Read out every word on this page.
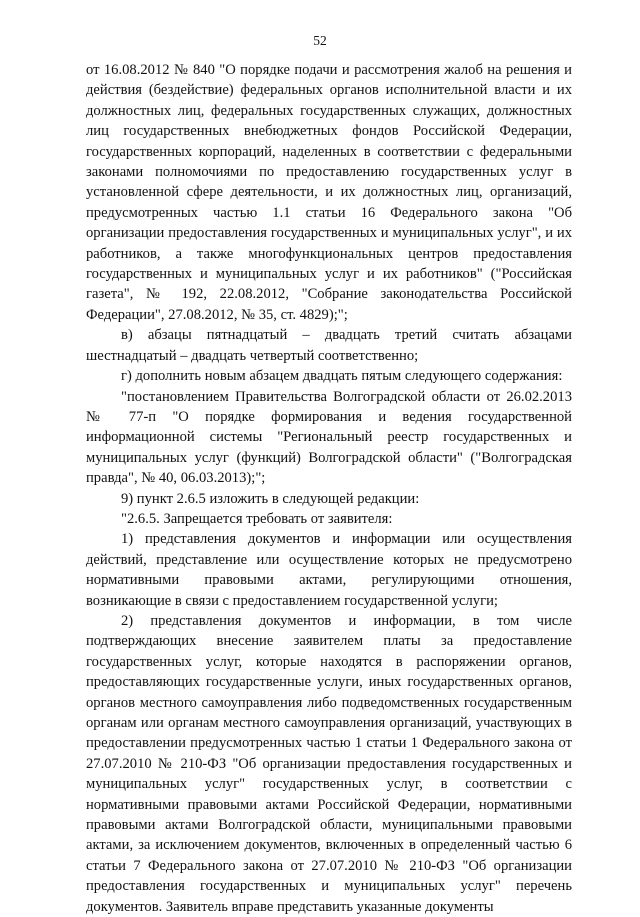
52

от 16.08.2012 № 840 "О порядке подачи и рассмотрения жалоб на решения и действия (бездействие) федеральных органов исполнительной власти и их должностных лиц, федеральных государственных служащих, должностных лиц государственных внебюджетных фондов Российской Федерации, государственных корпораций, наделенных в соответствии с федеральными законами полномочиями по предоставлению государственных услуг в установленной сфере деятельности, и их должностных лиц, организаций, предусмотренных частью 1.1 статьи 16 Федерального закона "Об организации предоставления государственных и муниципальных услуг", и их работников, а также многофункциональных центров предоставления государственных и муниципальных услуг и их работников" ("Российская газета", № 192, 22.08.2012, "Собрание законодательства Российской Федерации", 27.08.2012, № 35, ст. 4829);";

в) абзацы пятнадцатый – двадцать третий считать абзацами шестнадцатый – двадцать четвертый соответственно;

г) дополнить новым абзацем двадцать пятым следующего содержания:

"постановлением Правительства Волгоградской области от 26.02.2013 № 77-п "О порядке формирования и ведения государственной информационной системы "Региональный реестр государственных и муниципальных услуг (функций) Волгоградской области" ("Волгоградская правда", № 40, 06.03.2013);";

9) пункт 2.6.5 изложить в следующей редакции:

"2.6.5. Запрещается требовать от заявителя:

1) представления документов и информации или осуществления действий, представление или осуществление которых не предусмотрено нормативными правовыми актами, регулирующими отношения, возникающие в связи с предоставлением государственной услуги;

2) представления документов и информации, в том числе подтверждающих внесение заявителем платы за предоставление государственных услуг, которые находятся в распоряжении органов, предоставляющих государственные услуги, иных государственных органов, органов местного самоуправления либо подведомственных государственным органам или органам местного самоуправления организаций, участвующих в предоставлении предусмотренных частью 1 статьи 1 Федерального закона от 27.07.2010 № 210-ФЗ "Об организации предоставления государственных и муниципальных услуг" государственных услуг, в соответствии с нормативными правовыми актами Российской Федерации, нормативными правовыми актами Волгоградской области, муниципальными правовыми актами, за исключением документов, включенных в определенный частью 6 статьи 7 Федерального закона от 27.07.2010 № 210-ФЗ "Об организации предоставления государственных и муниципальных услуг" перечень документов. Заявитель вправе представить указанные документы
